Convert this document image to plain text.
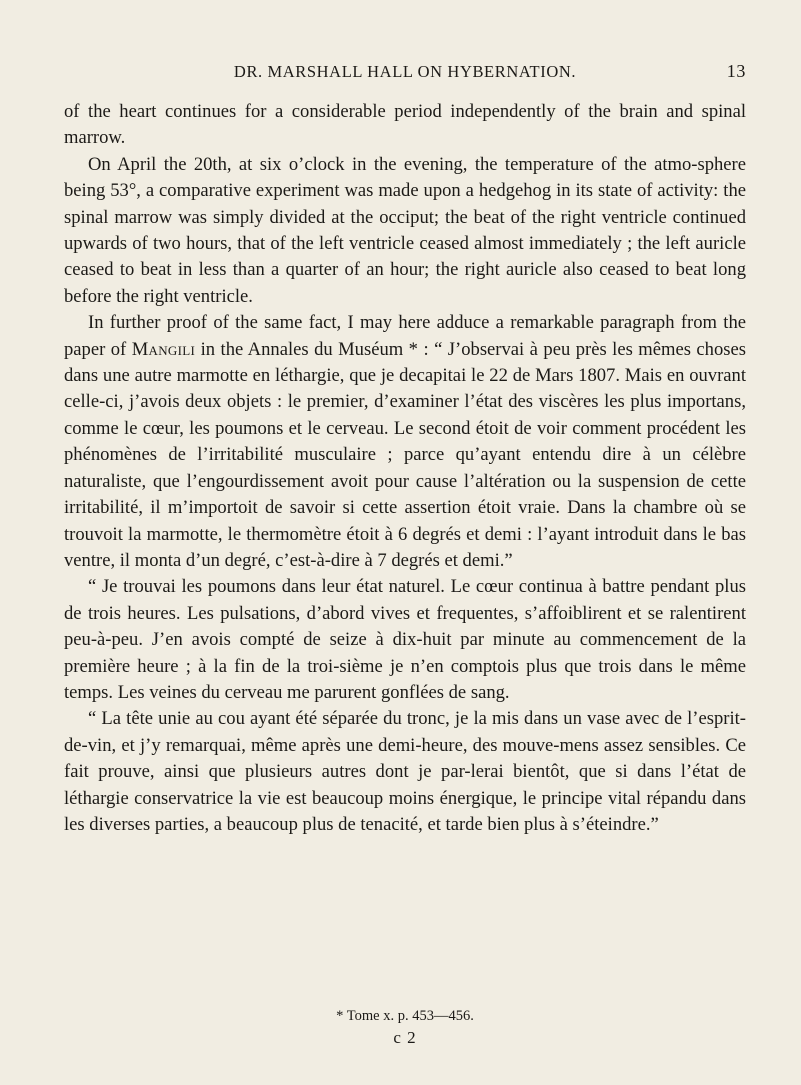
DR. MARSHALL HALL ON HYBERNATION.	13

of the heart continues for a considerable period independently of the brain and spinal marrow.

On April the 20th, at six o’clock in the evening, the temperature of the atmo-sphere being 53°, a comparative experiment was made upon a hedgehog in its state of activity: the spinal marrow was simply divided at the occiput; the beat of the right ventricle continued upwards of two hours, that of the left ventricle ceased almost immediately ; the left auricle ceased to beat in less than a quarter of an hour; the right auricle also ceased to beat long before the right ventricle.

In further proof of the same fact, I may here adduce a remarkable paragraph from the paper of Mangili in the Annales du Muséum * : “ J’observai à peu près les mêmes choses dans une autre marmotte en léthargie, que je decapitai le 22 de Mars 1807. Mais en ouvrant celle-ci, j’avois deux objets : le premier, d’examiner l’état des viscères les plus importans, comme le cœur, les poumons et le cerveau. Le second étoit de voir comment procédent les phénomènes de l’irritabilité musculaire ; parce qu’ayant entendu dire à un célèbre naturaliste, que l’engourdissement avoit pour cause l’altération ou la suspension de cette irritabilité, il m’importoit de savoir si cette assertion étoit vraie. Dans la chambre où se trouvoit la marmotte, le thermomètre étoit à 6 degrés et demi : l’ayant introduit dans le bas ventre, il monta d’un degré, c’est-à-dire à 7 degrés et demi.”

“ Je trouvai les poumons dans leur état naturel. Le cœur continua à battre pendant plus de trois heures. Les pulsations, d’abord vives et frequentes, s’affoiblirent et se ralentirent peu-à-peu. J’en avois compté de seize à dix-huit par minute au commencement de la première heure ; à la fin de la troi-sième je n’en comptois plus que trois dans le même temps. Les veines du cerveau me parurent gonflées de sang.

“ La tête unie au cou ayant été séparée du tronc, je la mis dans un vase avec de l’esprit-de-vin, et j’y remarquai, même après une demi-heure, des mouve-mens assez sensibles. Ce fait prouve, ainsi que plusieurs autres dont je par-lerai bientôt, que si dans l’état de léthargie conservatrice la vie est beaucoup moins énergique, le principe vital répandu dans les diverses parties, a beaucoup plus de tenacité, et tarde bien plus à s’éteindre.”

* Tome x. p. 453—456.
c 2
